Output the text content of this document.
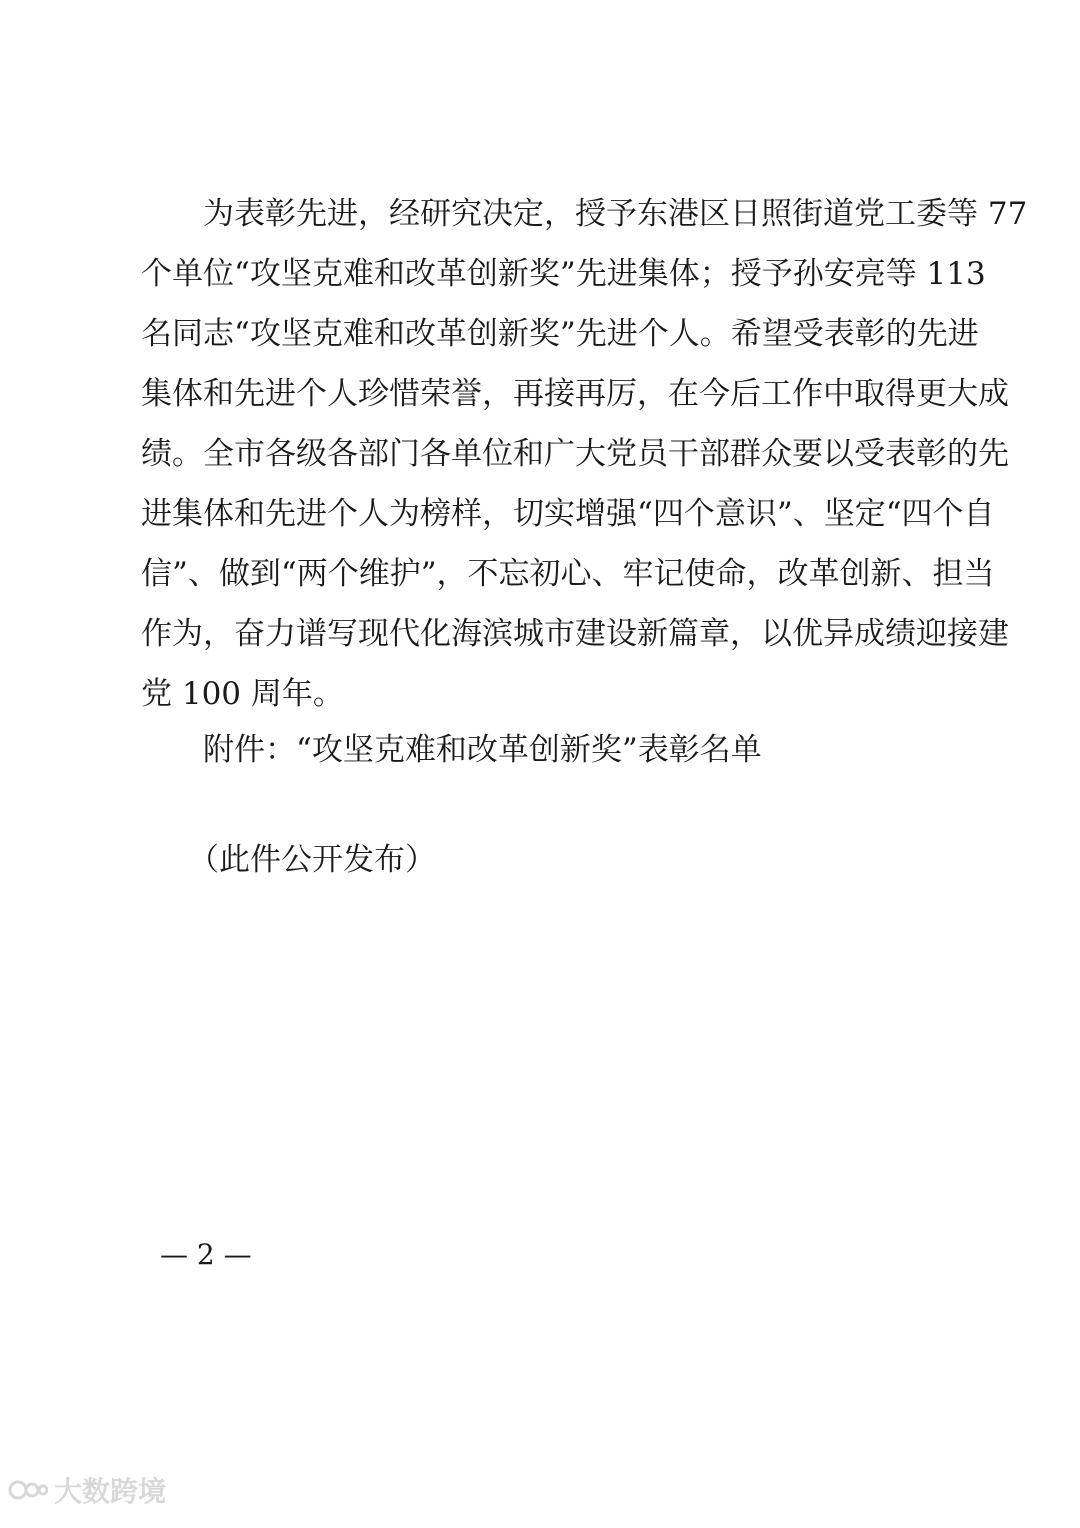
为表彰先进，经研究决定，授予东港区日照街道党工委等 77
个单位“攻坚克难和改革创新奖”先进集体；授予孙安亮等 113
名同志“攻坚克难和改革创新奖”先进个人。希望受表彰的先进
集体和先进个人珍惜荣誉，再接再厉，在今后工作中取得更大成
绩。全市各级各部门各单位和广大党员干部群众要以受表彰的先
进集体和先进个人为榜样，切实增强“四个意识”、坚定“四个自
信”、做到“两个维护”，不忘初心、牢记使命，改革创新、担当
作为，奋力谱写现代化海滨城市建设新篇章，以优异成绩迎接建
党 100 周年。

附件：“攻坚克难和改革创新奖”表彰名单

（此件公开发布）

— 2 —
大数跨境
